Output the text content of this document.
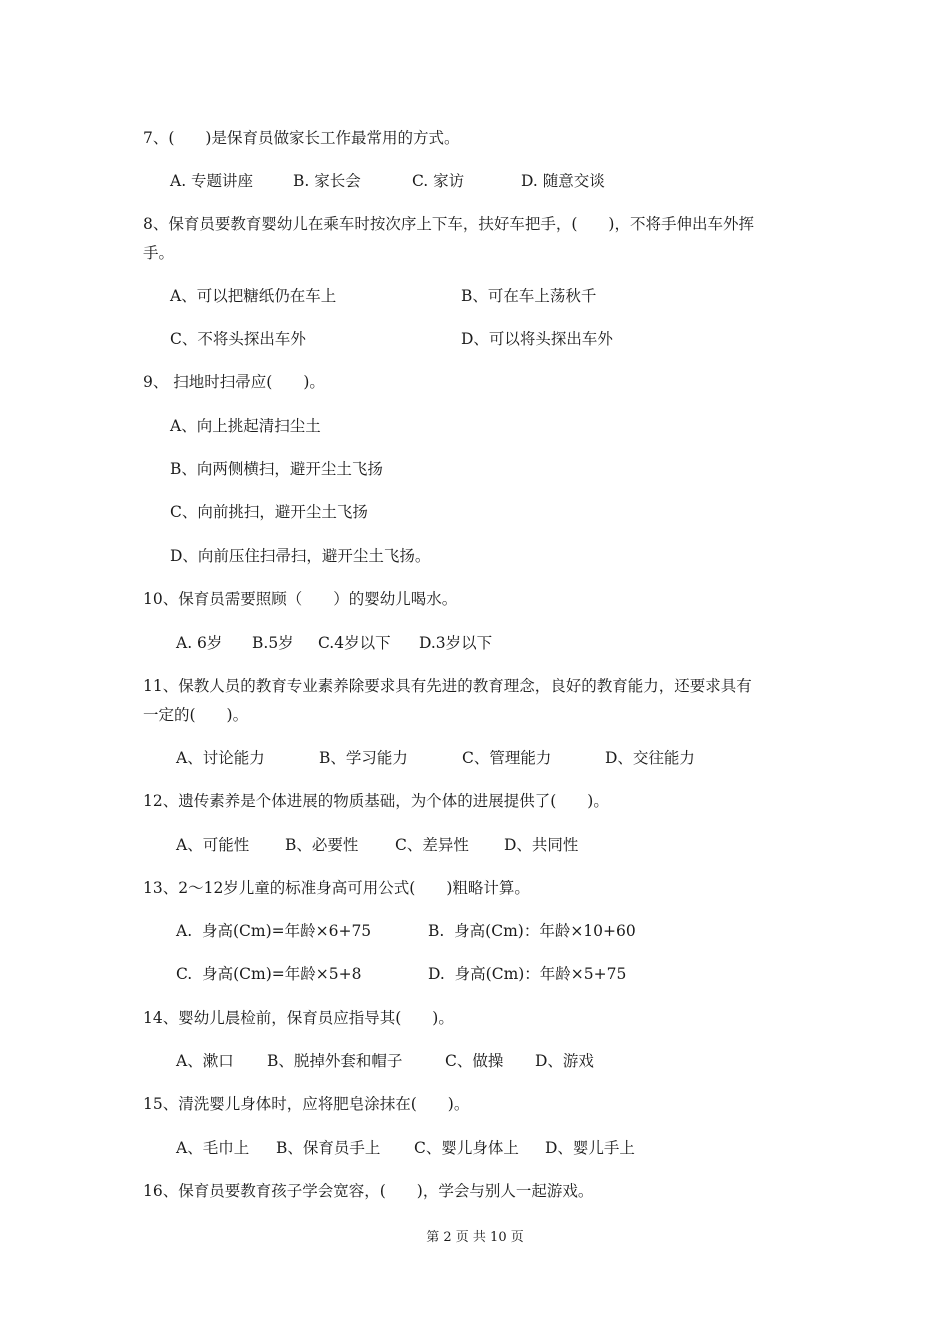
7、(　　)是保育员做家长工作最常用的方式。
A. 专题讲座	B. 家长会	C. 家访	D. 随意交谈
8、保育员要教育婴幼儿在乘车时按次序上下车，扶好车把手，(　　)，不将手伸出车外挥
手。
A、可以把糖纸仍在车上	B、可在车上荡秋千
C、不将头探出车外	D、可以将头探出车外
9、 扫地时扫帚应(　　)。
A、向上挑起清扫尘土
B、向两侧横扫，避开尘土飞扬
C、向前挑扫，避开尘土飞扬
D、向前压住扫帚扫，避开尘土飞扬。
10、保育员需要照顾（　　）的婴幼儿喝水。
A. 6岁 B.5岁 C.4岁以下 D.3岁以下
11、保教人员的教育专业素养除要求具有先进的教育理念，良好的教育能力，还要求具有
一定的(　　)。
A、讨论能力	B、学习能力	C、管理能力	D、交往能力
12、遗传素养是个体进展的物质基础，为个体的进展提供了(　　)。
A、可能性 B、必要性 C、差异性 D、共同性
13、2～12岁儿童的标准身高可用公式(　　)粗略计算。
A.  身高(Cm)=年龄×6+75	B.  身高(Cm)：年龄×10+60
C.  身高(Cm)=年龄×5+8	D.  身高(Cm)：年龄×5+75
14、婴幼儿晨检前，保育员应指导其(　　)。
A、漱口 B、脱掉外套和帽子	C、做操 D、游戏
15、清洗婴儿身体时，应将肥皂涂抹在(　　)。
A、毛巾上 B、保育员手上 C、婴儿身体上 D、婴儿手上
16、保育员要教育孩子学会宽容，(　　)，学会与别人一起游戏。
第 2 页 共 10 页
